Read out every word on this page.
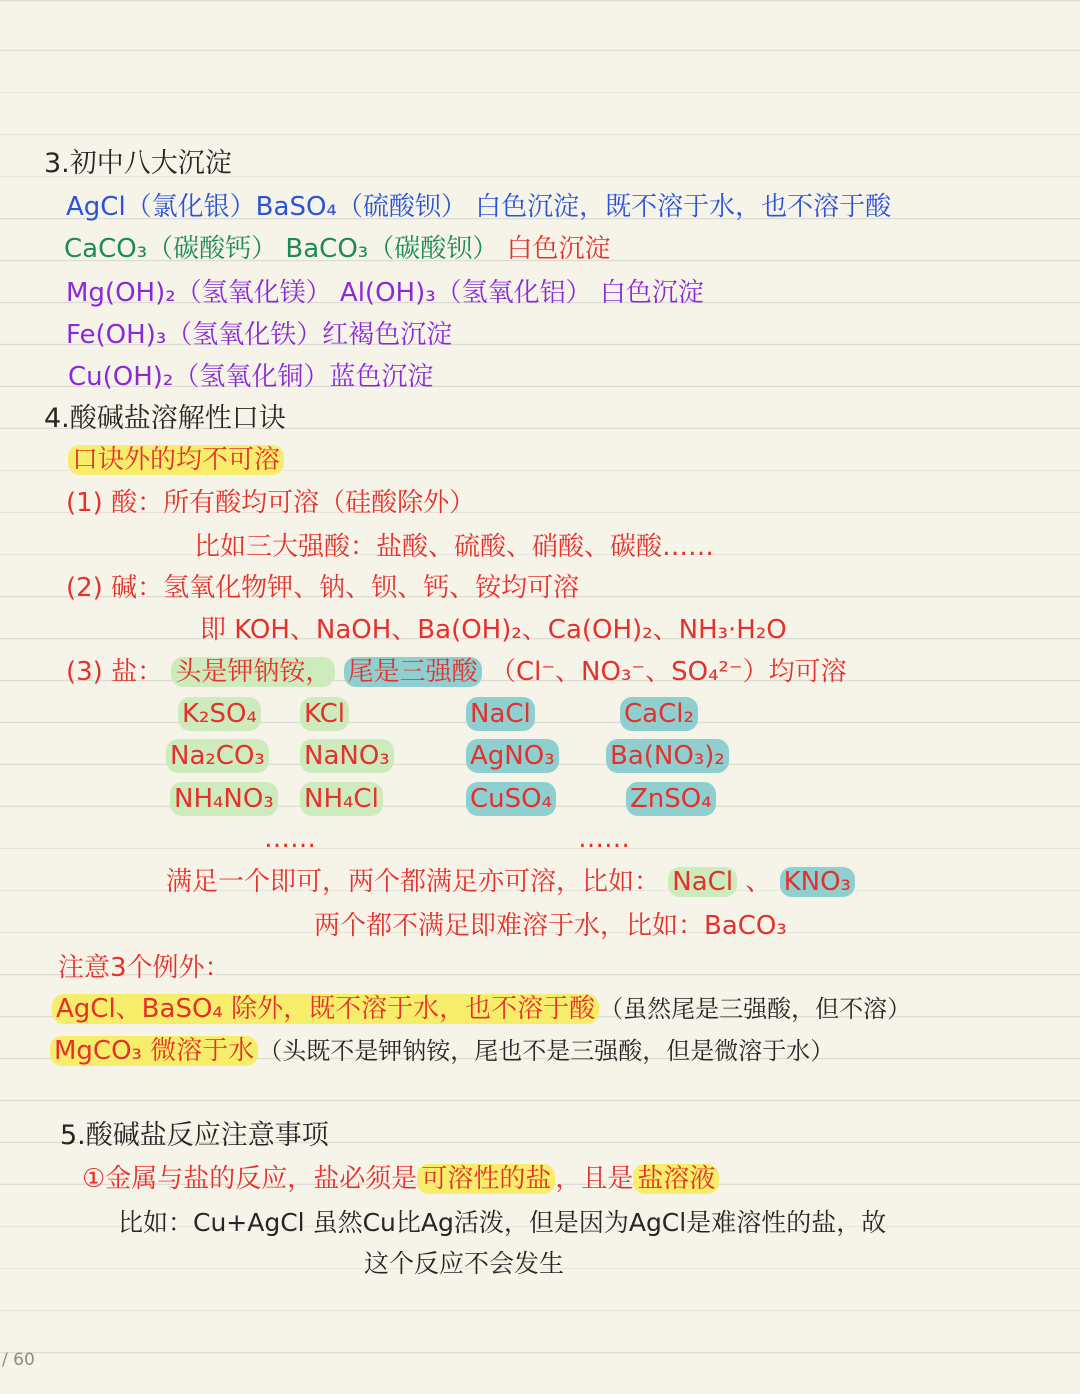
3.初中八大沉淀
AgCl（氯化银）BaSO₄（硫酸钡） 白色沉淀，既不溶于水，也不溶于酸
CaCO₃（碳酸钙） BaCO₃（碳酸钡） 白色沉淀
Mg(OH)₂（氢氧化镁） Al(OH)₃（氢氧化铝） 白色沉淀
Fe(OH)₃（氢氧化铁）红褐色沉淀
Cu(OH)₂（氢氧化铜）蓝色沉淀
4.酸碱盐溶解性口诀
口诀外的均不可溶
(1) 酸：所有酸均可溶（硅酸除外）
比如三大强酸：盐酸、硫酸、硝酸、碳酸……
(2) 碱：氢氧化物钾、钠、钡、钙、铵均可溶
即 KOH、NaOH、Ba(OH)₂、Ca(OH)₂、NH₃·H₂O
(3) 盐： 头是钾钠铵， 尾是三强酸 （Cl⁻、NO₃⁻、SO₄²⁻）均可溶
K₂SO₄ KCl	NaCl	CaCl₂
Na₂CO₃ NaNO₃	AgNO₃ Ba(NO₃)₂
NH₄NO₃ NH₄Cl	CuSO₄	ZnSO₄
……	……
满足一个即可，两个都满足亦可溶，比如： NaCl 、 KNO₃
两个都不满足即难溶于水，比如：BaCO₃
注意3个例外：
AgCl、BaSO₄ 除外，既不溶于水，也不溶于酸 （虽然尾是三强酸，但不溶）
MgCO₃ 微溶于水 （头既不是钾钠铵，尾也不是三强酸，但是微溶于水）
5.酸碱盐反应注意事项
①金属与盐的反应，盐必须是 可溶性的盐 ，且是 盐溶液
比如：Cu+AgCl 虽然Cu比Ag活泼，但是因为AgCl是难溶性的盐，故
这个反应不会发生
/ 60
